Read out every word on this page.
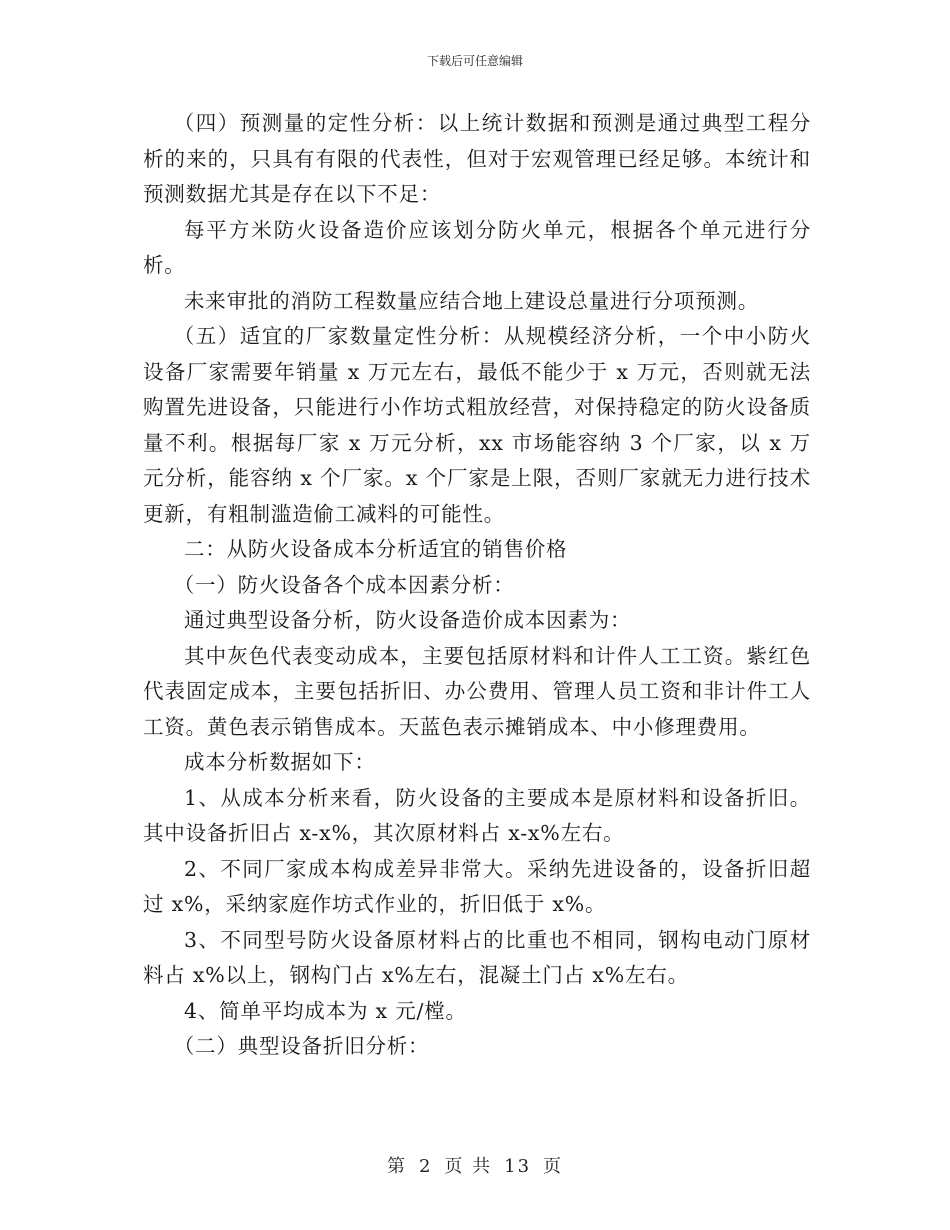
下载后可任意编辑

（四）预测量的定性分析：以上统计数据和预测是通过典型工程分析的来的，只具有有限的代表性，但对于宏观管理已经足够。本统计和预测数据尤其是存在以下不足：

每平方米防火设备造价应该划分防火单元，根据各个单元进行分析。

未来审批的消防工程数量应结合地上建设总量进行分项预测。

（五）适宜的厂家数量定性分析：从规模经济分析，一个中小防火设备厂家需要年销量 x 万元左右，最低不能少于 x 万元，否则就无法购置先进设备，只能进行小作坊式粗放经营，对保持稳定的防火设备质量不利。根据每厂家 x 万元分析，xx 市场能容纳 3 个厂家，以 x 万元分析，能容纳 x 个厂家。x 个厂家是上限，否则厂家就无力进行技术更新，有粗制滥造偷工减料的可能性。

二：从防火设备成本分析适宜的销售价格

（一）防火设备各个成本因素分析：

通过典型设备分析，防火设备造价成本因素为：

其中灰色代表变动成本，主要包括原材料和计件人工工资。紫红色代表固定成本，主要包括折旧、办公费用、管理人员工资和非计件工人工资。黄色表示销售成本。天蓝色表示摊销成本、中小修理费用。

成本分析数据如下：

1、从成本分析来看，防火设备的主要成本是原材料和设备折旧。其中设备折旧占 x-x%，其次原材料占 x-x%左右。

2、不同厂家成本构成差异非常大。采纳先进设备的，设备折旧超过 x%，采纳家庭作坊式作业的，折旧低于 x%。

3、不同型号防火设备原材料占的比重也不相同，钢构电动门原材料占 x%以上，钢构门占 x%左右，混凝土门占 x%左右。

4、简单平均成本为 x 元/樘。

（二）典型设备折旧分析：

第 2 页 共 13 页
